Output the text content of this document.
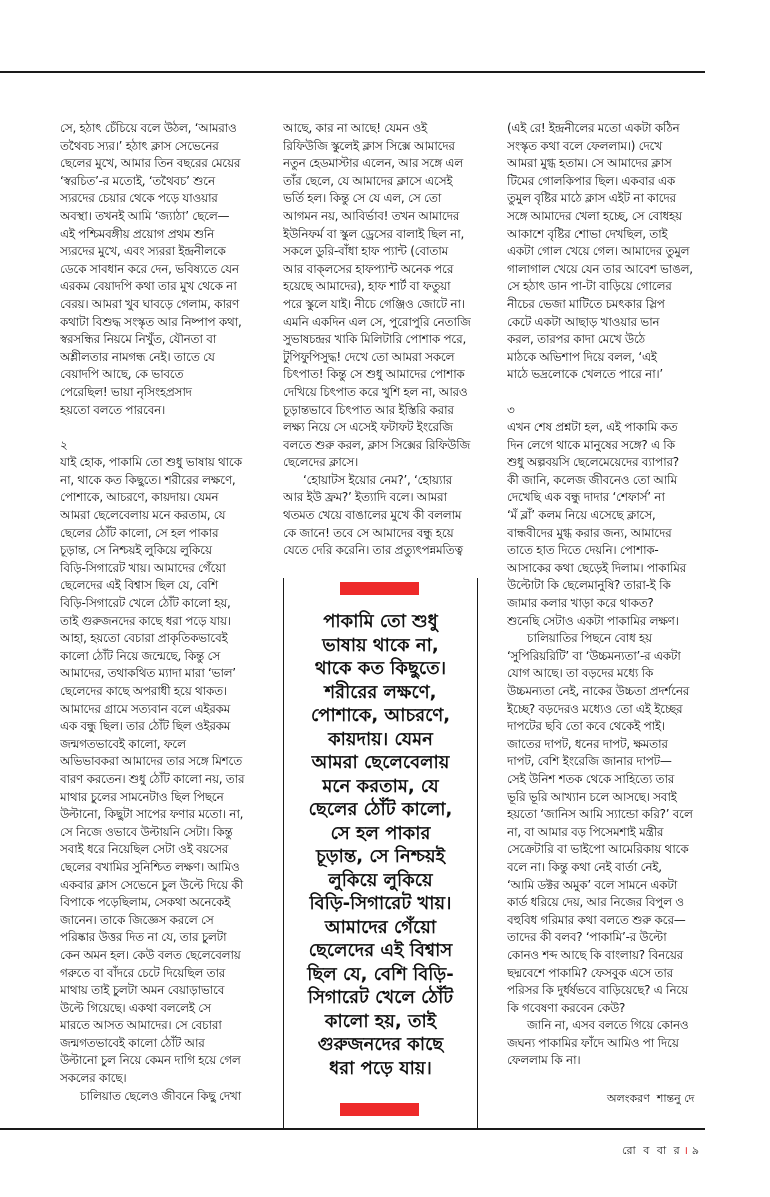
সে, হঠাৎ চেঁচিয়ে বলে উঠল, ‘আমরাও
তথৈবচ স্যর।’ হঠাৎ ক্লাস সেভেনের
ছেলের মুখে, আমার তিন বছরের মেয়ের
‘স্বরচিত’-র মতোই, ‘তথৈবচ’ শুনে
স্যরদের চেয়ার থেকে পড়ে যাওয়ার
অবস্থা। তখনই আমি ‘জ্যাঠা’ ছেলে—
এই পশ্চিমবঙ্গীয় প্রয়োগ প্রথম শুনি
স্যরদের মুখে, এবং স্যররা ইন্দ্রনীলকে
ডেকে সাবধান করে দেন, ভবিষ্যতে যেন
এরকম বেয়াদপি কথা তার মুখ থেকে না
বেরয়। আমরা খুব ঘাবড়ে গেলাম, কারণ
কথাটা বিশুদ্ধ সংস্কৃত আর নিষ্পাপ কথা,
স্বরসন্ধির নিয়মে নিখুঁত, যৌনতা বা
অশ্লীলতার নামগন্ধ নেই। তাতে যে
বেয়াদপি আছে, কে ভাবতে
পেরেছিল! ভায়া নৃসিংহপ্রসাদ
হয়তো বলতে পারবেন।
২
যাই হোক, পাকামি তো শুধু ভাষায় থাকে
না, থাকে কত কিছুতে। শরীরের লক্ষণে,
পোশাকে, আচরণে, কায়দায়। যেমন
আমরা ছেলেবেলায় মনে করতাম, যে
ছেলের ঠোঁট কালো, সে হল পাকার
চূড়ান্ত, সে নিশ্চয়ই লুকিয়ে লুকিয়ে
বিড়ি-সিগারেট খায়। আমাদের গেঁয়ো
ছেলেদের এই বিশ্বাস ছিল যে, বেশি
বিড়ি-সিগারেট খেলে ঠোঁট কালো হয়,
তাই গুরুজনদের কাছে ধরা পড়ে যায়।
আহা, হয়তো বেচারা প্রাকৃতিকভাবেই
কালো ঠোঁট নিয়ে জন্মেছে, কিন্তু সে
আমাদের, তথাকথিত ম্যাদা মারা ‘ভাল’
ছেলেদের কাছে অপরাধী হয়ে থাকত।
আমাদের গ্রামে সত্যবান বলে এইরকম
এক বন্ধু ছিল। তার ঠোঁট ছিল ওইরকম
জন্মগতভাবেই কালো, ফলে
অভিভাবকরা আমাদের তার সঙ্গে মিশতে
বারণ করতেন। শুধু ঠোঁট কালো নয়, তার
মাথার চুলের সামনেটাও ছিল পিছনে
উল্টানো, কিছুটা সাপের ফণার মতো। না,
সে নিজে ওভাবে উল্টায়নি সেটা। কিন্তু
সবাই ধরে নিয়েছিল সেটা ওই বয়সের
ছেলের বখামির সুনিশ্চিত লক্ষণ। আমিও
একবার ক্লাস সেভেনে চুল উল্টে দিয়ে কী
বিপাকে পড়েছিলাম, সেকথা অনেকেই
জানেন। তাকে জিজ্ঞেস করলে সে
পরিষ্কার উত্তর দিত না যে, তার চুলটা
কেন অমন হল। কেউ বলত ছেলেবেলায়
গরুতে বা বাঁদরে চেটে দিয়েছিল তার
মাথায় তাই চুলটা অমন বেয়াড়াভাবে
উল্টে গিয়েছে। একথা বললেই সে
মারতে আসত আমাদের। সে বেচারা
জন্মগতভাবেই কালো ঠোঁট আর
উল্টানো চুল নিয়ে কেমন দাগি হয়ে গেল
সকলের কাছে।
চালিয়াত ছেলেও জীবনে কিছু দেখা
আছে, কার না আছে! যেমন ওই
রিফিউজি স্কুলেই ক্লাস সিক্সে আমাদের
নতুন হেডমাস্টার এলেন, আর সঙ্গে এল
তাঁর ছেলে, যে আমাদের ক্লাসে এসেই
ভর্তি হল। কিন্তু সে যে এল, সে তো
আগমন নয়, আবির্ভাব! তখন আমাদের
ইউনিফর্ম বা স্কুল ড্রেসের বালাই ছিল না,
সকলে ডুরি-বাঁধা হাফ প্যান্ট (বোতাম
আর বাক্‌লসের হাফপ্যান্ট অনেক পরে
হয়েছে আমাদের), হাফ শার্ট বা ফতুয়া
পরে স্কুলে যাই। নীচে গেঞ্জিও জোটে না।
এমনি একদিন এল সে, পুরোপুরি নেতাজি
সুভাষচন্দ্রর খাকি মিলিটারি পোশাক পরে,
টুপিফুপিসুদ্ধ! দেখে তো আমরা সকলে
চিৎপাত! কিন্তু সে শুধু আমাদের পোশাক
দেখিয়ে চিৎপাত করে খুশি হল না, আরও
চূড়ান্তভাবে চিৎপাত আর ইস্তিরি করার
লক্ষ্য নিয়ে সে এসেই ফটাফট ইংরেজি
বলতে শুরু করল, ক্লাস সিক্সের রিফিউজি
ছেলেদের ক্লাসে।
‘হোয়াটস ইয়োর নেম?’, ‘হোয়্যার
আর ইউ ফ্রম?’ ইত্যাদি বলে। আমরা
থতমত খেয়ে বাঙালের মুখে কী বললাম
কে জানে! তবে সে আমাদের বন্ধু হয়ে
যেতে দেরি করেনি। তার প্রত্যুৎপন্নমতিত্ব
(এই রে! ইন্দ্রনীলের মতো একটা কঠিন
সংস্কৃত কথা বলে ফেললাম।) দেখে
আমরা মুগ্ধ হতাম। সে আমাদের ক্লাস
টিমের গোলকিপার ছিল। একবার এক
তুমুল বৃষ্টির মাঠে ক্লাস এইট না কাদের
সঙ্গে আমাদের খেলা হচ্ছে, সে বোধহয়
আকাশে বৃষ্টির শোভা দেখছিল, তাই
একটা গোল খেয়ে গেল। আমাদের তুমুল
গালাগাল খেয়ে যেন তার আবেশ ভাঙল,
সে হঠাৎ ডান পা-টা বাড়িয়ে গোলের
নীচের ভেজা মাটিতে চমৎকার স্লিপ
কেটে একটা আছাড় খাওয়ার ভান
করল, তারপর কাদা মেখে উঠে
মাঠকে অভিশাপ দিয়ে বলল, ‘এই
মাঠে ভদ্রলোকে খেলতে পারে না।’
৩
এখন শেষ প্রশ্নটা হল, এই পাকামি কত
দিন লেগে থাকে মানুষের সঙ্গে? এ কি
শুধু অল্পবয়সি ছেলেমেয়েদের ব্যাপার?
কী জানি, কলেজ জীবনেও তো আমি
দেখেছি এক বন্ধু দাদার ‘শেফার্স’ না
‘মঁ ব্লাঁ’ কলম নিয়ে এসেছে ক্লাসে,
বান্ধবীদের মুগ্ধ করার জন্য, আমাদের
তাতে হাত দিতে দেয়নি। পোশাক-
আসাকের কথা ছেড়েই দিলাম। পাকামির
উল্টোটা কি ছেলেমানুষি? তারা-ই কি
জামার কলার খাড়া করে থাকত?
শুনেছি সেটাও একটা পাকামির লক্ষণ।
চালিয়াতির পিছনে বোধ হয়
‘সুপিরিয়রিটি’ বা ‘উচ্চমন্যতা’-র একটা
যোগ আছে। তা বড়দের মধ্যে কি
উচ্চমন্যতা নেই, নাকের উচ্চতা প্রদর্শনের
ইচ্ছে? বড়দেরও মধ্যেও তো এই ইচ্ছের
দাপটের ছবি তো কবে থেকেই পাই।
জাতের দাপট, ধনের দাপট, ক্ষমতার
দাপট, বেশি ইংরেজি জানার দাপট—
সেই উনিশ শতক থেকে সাহিত্যে তার
ভূরি ভূরি আখ্যান চলে আসছে। সবাই
হয়তো ‘জানিস আমি স্যান্ডো করি?’ বলে
না, বা আমার বড় পিসেমশাই মন্ত্রীর
সেক্রেটারি বা ভাইপো আমেরিকায় থাকে
বলে না। কিন্তু কথা নেই বার্তা নেই,
‘আমি ডক্টর অমুক’ বলে সামনে একটা
কার্ড ধরিয়ে দেয়, আর নিজের বিপুল ও
বহুবিধ গরিমার কথা বলতে শুরু করে—
তাদের কী বলব? ‘পাকামি’-র উল্টো
কোনও শব্দ আছে কি বাংলায়? বিনয়ের
ছদ্মবেশে পাকামি? ফেসবুক এসে তার
পরিসর কি দুর্ধর্ষভবে বাড়িয়েছে? এ নিয়ে
কি গবেষণা করবেন কেউ?
জানি না, এসব বলতে গিয়ে কোনও
জঘন্য পাকামির ফাঁদে আমিও পা দিয়ে
ফেললাম কি না।
পাকামি তো শুধু
ভাষায় থাকে না,
থাকে কত কিছুতে।
শরীরের লক্ষণে,
পোশাকে, আচরণে,
কায়দায়। যেমন
আমরা ছেলেবেলায়
মনে করতাম, যে
ছেলের ঠোঁট কালো,
সে হল পাকার
চূড়ান্ত, সে নিশ্চয়ই
লুকিয়ে লুকিয়ে
বিড়ি-সিগারেট খায়।
আমাদের গেঁয়ো
ছেলেদের এই বিশ্বাস
ছিল যে, বেশি বিড়ি-
সিগারেট খেলে ঠোঁট
কালো হয়, তাই
গুরুজনদের কাছে
ধরা পড়ে যায়।
অলংকরণ শান্তনু দে
রো ব বা র । ৯
